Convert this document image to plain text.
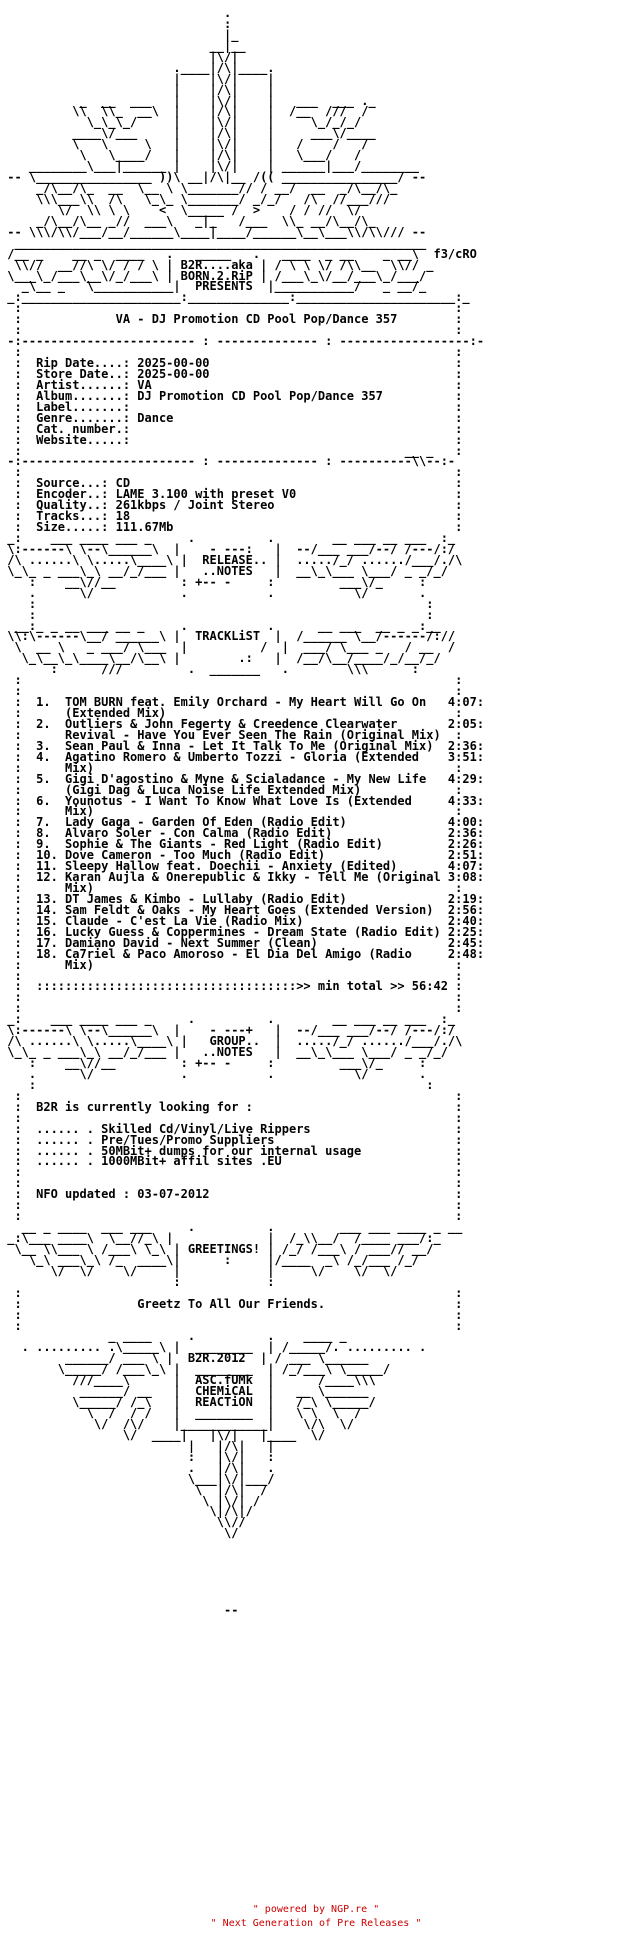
.
:
|_
__|__
|\/|
.____|/\|____.
|    |\/|    |
|    |/\|    |
_  __  ___   |    |\/|    |   ___  ___ ._
\\  \\_  __\  |    |/\|    |  /__  ///  /
\_\_\_/     |    |\/|    |     \_/_/_/
____\/___     |    |/\|    |     ___\/____
\   \     \   |    |\/|    |   /    /   /
\   \____/   |    |/\|    |   \___/   /
________\___|______ |    |\/|    | ______|___/________
-- \________________ ))\ __|/\|__ /(( ________________/ --
_/\__/\_  __  \__ \ \_______// / __/  __  _/\__/\_
\\\___\\  /\   \_\_ \_______/ _/_/   /\  //___///
\/  \\ \ \    <  \_____ /  >    / / //  \/
_/\__/\__ _//  ___\   _|_   /___  \\_ __/\__/\_
-- \\\/\\/___/__/______\____|____/______\__\___\\/\\/// --
_________________________________________________________
/__ _    __ _  ____   .   _____   .   ____  _ __    _ __\  f3/cRO
\\//  __//\ \/ / / \ | B2R....aka | / \ \ \/ /\\__  \\// _
\___\_/___\__\/_/___\ | BORN.2.RiP | /___\_\/__/___\_/___/
_\__ _   \___________|  PRESENTS  |___________/   _ __/_
_:______________________:______________:______________________:_
:                                                            :
:             VA - DJ Promotion CD Pool Pop/Dance 357        :
:                                                            :
-:------------------------ : -------------- : ------------------:-
:                                                            :
:  Rip Date....: 2025-00-00                                  :
:  Store Date..: 2025-00-00                                  :
:  Artist......: VA                                          :
:  Album.......: DJ Promotion CD Pool Pop/Dance 357          :
:  Label.......:                                             :
:  Genre.......: Dance                                       :
:  Cat. number.:                                             :
:  Website.....:                                             :
:                                                     __ _   :
-:------------------------ : -------------- : ----------\\--:-
:                                                            :
:  Source...: CD                                             :
:  Encoder..: LAME 3.100 with preset V0                      :
:  Quality..: 261kbps / Joint Stereo                         :
:  Tracks...: 18                                             :
:  Size.....: 111.67Mb                                       :
_:    ___ ____ ___ _     .          .        __ ___ __ ___  :_
\:------\ \--\______\  |    - ---:   |  --/___ ___/--/ /---/:/
/\ ......\ \.....\____\ |  RELEASE.. |  ...../_/ ....../___/./\
\_\_ _ ___\_\ __/_/___ |   ..NOTES   |  __\_\___ \___/ _ _/_/
:    __\//__         : +-- -     :         ___\/_     :
.      \/            .           .           \/       .
:                                                      :
:                                                      :
__:_ _ __ ___ __ _     .           .      __ ___  __ _ _:__
\\:\------\__/ ______\ |  TRACKLiST  |  /______ \__/------/://
\  __ \   _ ___/ \___  |          /  |  ___/ \___ _   / __  /
\_\__\_\____\__/\__\ |        .:   |  /__/\__/____/_/__/_/
:      ///         .  _______   .        \\\      :
:                                                            :
:                                                            :
:  1.  TOM BURN feat. Emily Orchard - My Heart Will Go On   4:07:
:      (Extended Mix)                                        :
:  2.  Outliers & John Fegerty & Creedence Clearwater       2:05:
:      Revival - Have You Ever Seen The Rain (Original Mix)  :
:  3.  Sean Paul & Inna - Let It Talk To Me (Original Mix)  2:36:
:  4.  Agatino Romero & Umberto Tozzi - Gloria (Extended    3:51:
:      Mix)                                                  :
:  5.  Gigi D'agostino & Myne & Scialadance - My New Life   4:29:
:      (Gigi Dag & Luca Noise Life Extended Mix)             :
:  6.  Younotus - I Want To Know What Love Is (Extended     4:33:
:      Mix)                                                  :
:  7.  Lady Gaga - Garden Of Eden (Radio Edit)              4:00:
:  8.  Alvaro Soler - Con Calma (Radio Edit)                2:36:
:  9.  Sophie & The Giants - Red Light (Radio Edit)         2:26:
:  10. Dove Cameron - Too Much (Radio Edit)                 2:51:
:  11. Sleepy Hallow feat. Doechii - Anxiety (Edited)       4:07:
:  12. Karan Aujla & Onerepublic & Ikky - Tell Me (Original 3:08:
:      Mix)                                                  :
:  13. DT James & Kimbo - Lullaby (Radio Edit)              2:19:
:  14. Sam Feldt & Oaks - My Heart Goes (Extended Version)  2:56:
:  15. Claude - C'est La Vie (Radio Mix)                    2:40:
:  16. Lucky Guess & Coppermines - Dream State (Radio Edit) 2:25:
:  17. Damiano David - Next Summer (Clean)                  2:45:
:  18. Ca7riel & Paco Amoroso - El Dia Del Amigo (Radio     2:48:
:      Mix)                                                  :
:                                                            :
:  ::::::::::::::::::::::::::::::::::::>> min total >> 56:42 :
:                                                            :
:                                                            :
_:    ___ ____ ___ _     .          .        __ ___ __ ___  :_
\:------\ \--\______\  |    - ---+   |  --/___ ___/--/ /---/:/
/\ ......\ \.....\____\ |   GROUP..  |  ...../_/ ....../___/./\
\_\_ _ ___\_\ __/_/___ |   ..NOTES   |  __\_\___ \___/ _ _/_/
:    __\//__         : +-- -     :         ___\/_     :
.      \/            .           .           \/       .
:                                                      :
:                                                            :
:  B2R is currently looking for :                            :
:                                                            :
:  ...... . Skilled Cd/Vinyl/Live Rippers                    :
:  ...... . Pre/Tues/Promo Suppliers                         :
:  ...... . 50MBit+ dumps for our internal usage             :
:  ...... . 1000MBit+ affil sites .EU                        :
:                                                            :
:                                                            :
:  NFO updated : 03-07-2012                                  :
:                                                            :
:                                                            :
__ _ ____  ___ ___     .          .         ___ ___ ____ _ __
_:\___ ____\  \__//_\ |             |  /_\\__/  /____ ___/:_
\__ \\___ \ /___\ \_\ | GREETINGS! | /_/ /___\ / ___// __/
\_\ ___\_\ /_  ____\|      :     |/____  _\ /_/___ /_/
\/  \/    \/     |            |     \/    \/  \/
:            :
:                                                            :
:                Greetz To All Our Friends.                  :
:                                                            :
:                                                            :
_ ____     .          .    ____ _
. ......... .\_____\ |  ________  | /_____/. ......... .
______/ ___ \ |  B2R.2012  | / ___ \______
\_____/ /___\_\ |  ________  | /_/___\ \_____/
///____\      |  ASC.fUMk  |      /____\\\
______/ __   |  CHEMiCAL  |   __ \______
\_____/ /_\   |  REACTiON  |   /_\ \_____/
\  /  / /   |  ________  |   \ \  \  /
\/  /\/    |____________|    \/\  \/
\/  ____|   |\/|   |____  \/
|   |/\|   |
:   |\/|   :
.   |/\|   .
\___|\/|___/
\  |/\|  /
\ |\/| /
\|/\|/
\\//
\/
--
" powered by NGP.re "
" Next Generation of Pre Releases "
